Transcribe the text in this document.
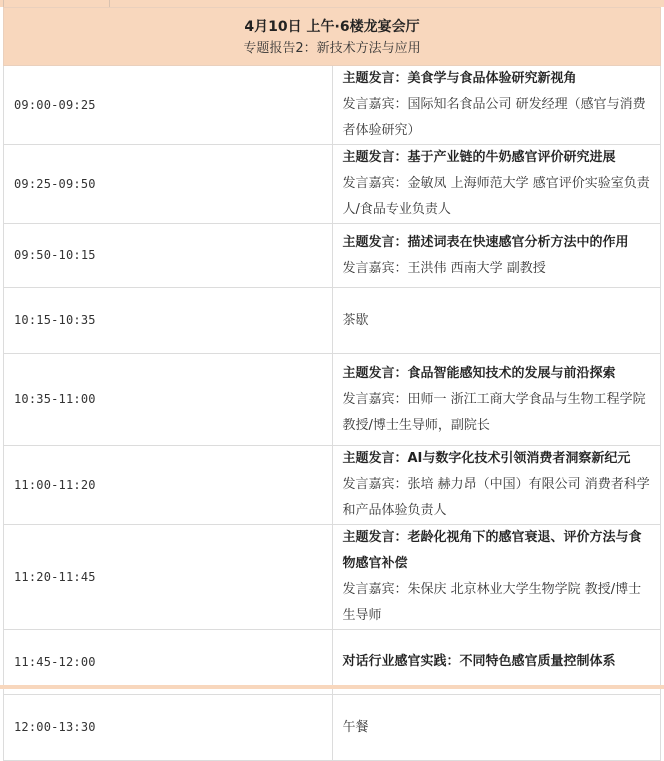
4月10日 上午·6楼龙宴会厅
专题报告2：新技术方法与应用	

09:00-09:25	主题发言：美食学与食品体验研究新视角
发言嘉宾：国际知名食品公司 研发经理（感官与消费者体验研究）

09:25-09:50	主题发言：基于产业链的牛奶感官评价研究进展
发言嘉宾：金敏凤 上海师范大学 感官评价实验室负责人/食品专业负责人

09:50-10:15	主题发言：描述词表在快速感官分析方法中的作用
发言嘉宾：王洪伟 西南大学 副教授

10:15-10:35	茶歇

10:35-11:00	主题发言：食品智能感知技术的发展与前沿探索
发言嘉宾：田师一 浙江工商大学食品与生物工程学院 教授/博士生导师，副院长

11:00-11:20	主题发言：AI与数字化技术引领消费者洞察新纪元
发言嘉宾：张培 赫力昂（中国）有限公司 消费者科学和产品体验负责人

11:20-11:45	主题发言：老龄化视角下的感官衰退、评价方法与食物感官补偿
发言嘉宾：朱保庆 北京林业大学生物学院 教授/博士生导师

11:45-12:00	对话行业感官实践：不同特色感官质量控制体系

12:00-13:30	午餐
